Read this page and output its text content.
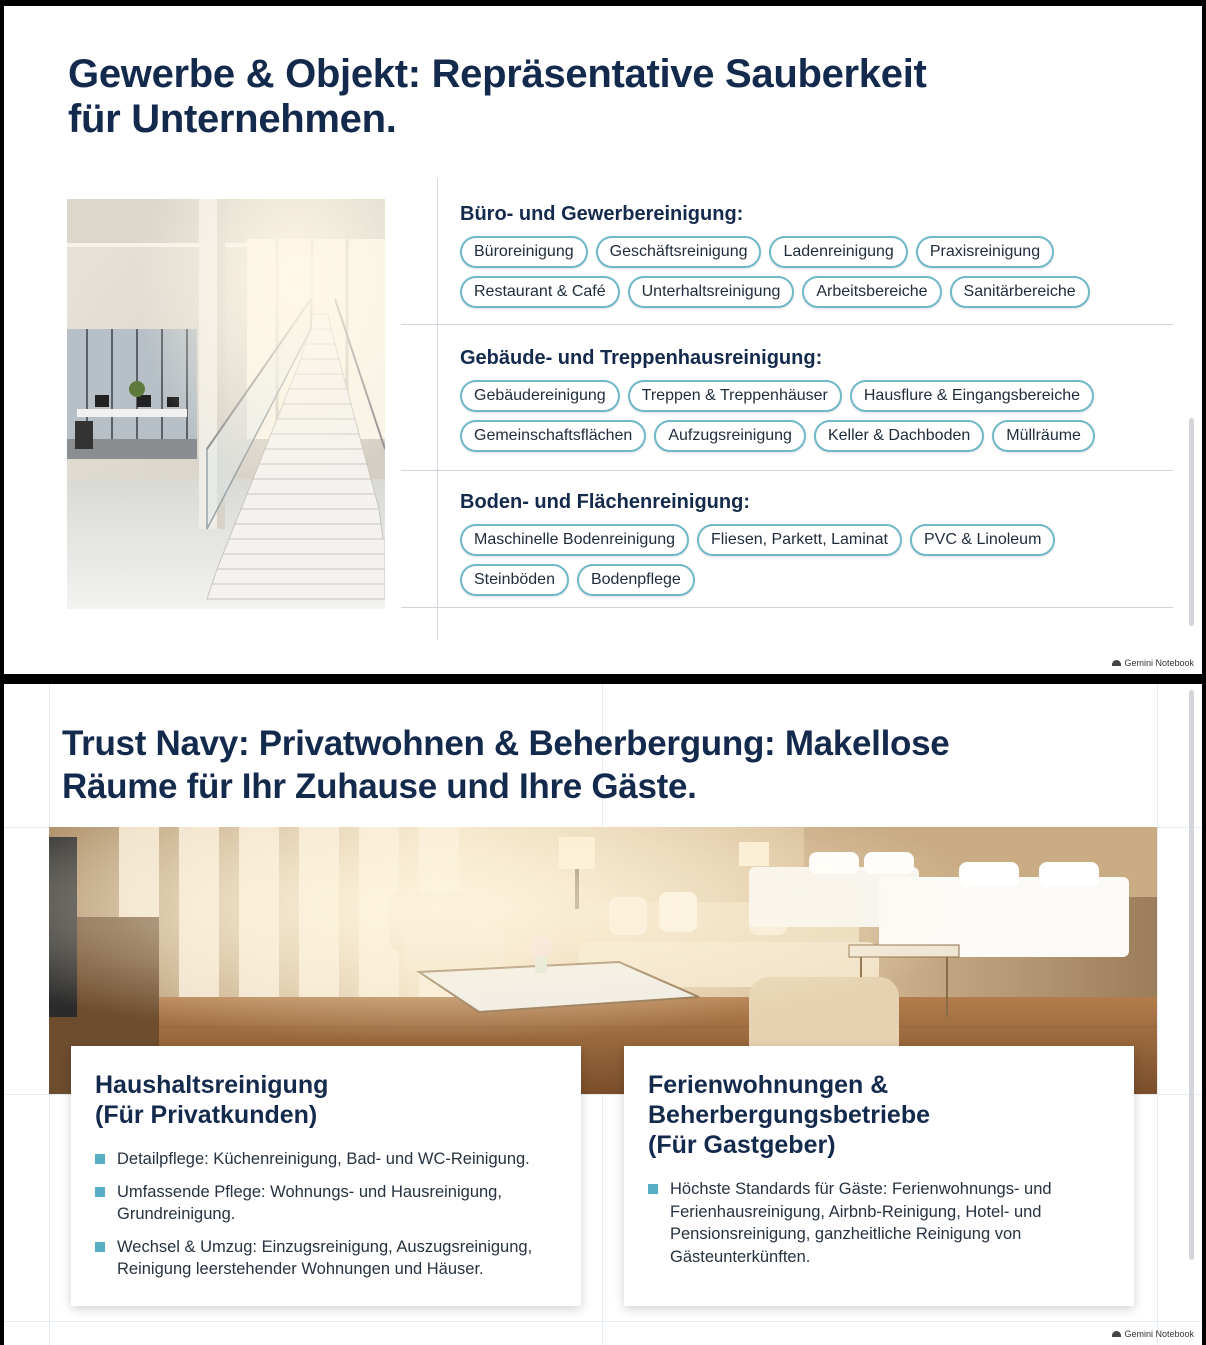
Gewerbe & Objekt: Repräsentative Sauberkeit
für Unternehmen.
Büro- und Gewerbereinigung:
Büroreinigung	Geschäftsreinigung	Ladenreinigung	Praxisreinigung
Restaurant & Café	Unterhaltsreinigung	Arbeitsbereiche	Sanitärbereiche
Gebäude- und Treppenhausreinigung:
Gebäudereinigung	Treppen & Treppenhäuser	Hausflure & Eingangsbereiche
Gemeinschaftsflächen	Aufzugsreinigung	Keller & Dachboden	Müllräume
Boden- und Flächenreinigung:
Maschinelle Bodenreinigung	Fliesen, Parkett, Laminat	PVC & Linoleum
Steinböden	Bodenpflege
Gemini Notebook
Trust Navy: Privatwohnen & Beherbergung: Makellose
Räume für Ihr Zuhause und Ihre Gäste.
Haushaltsreinigung
(Für Privatkunden)
Detailpflege: Küchenreinigung, Bad- und WC-Reinigung.
Umfassende Pflege: Wohnungs- und Hausreinigung, Grundreinigung.
Wechsel & Umzug: Einzugsreinigung, Auszugsreinigung, Reinigung leerstehender Wohnungen und Häuser.
Ferienwohnungen &
Beherbergungsbetriebe
(Für Gastgeber)
Höchste Standards für Gäste: Ferienwohnungs- und Ferienhausreinigung, Airbnb-Reinigung, Hotel- und Pensionsreinigung, ganzheitliche Reinigung von Gästeunterkünften.
Gemini Notebook
